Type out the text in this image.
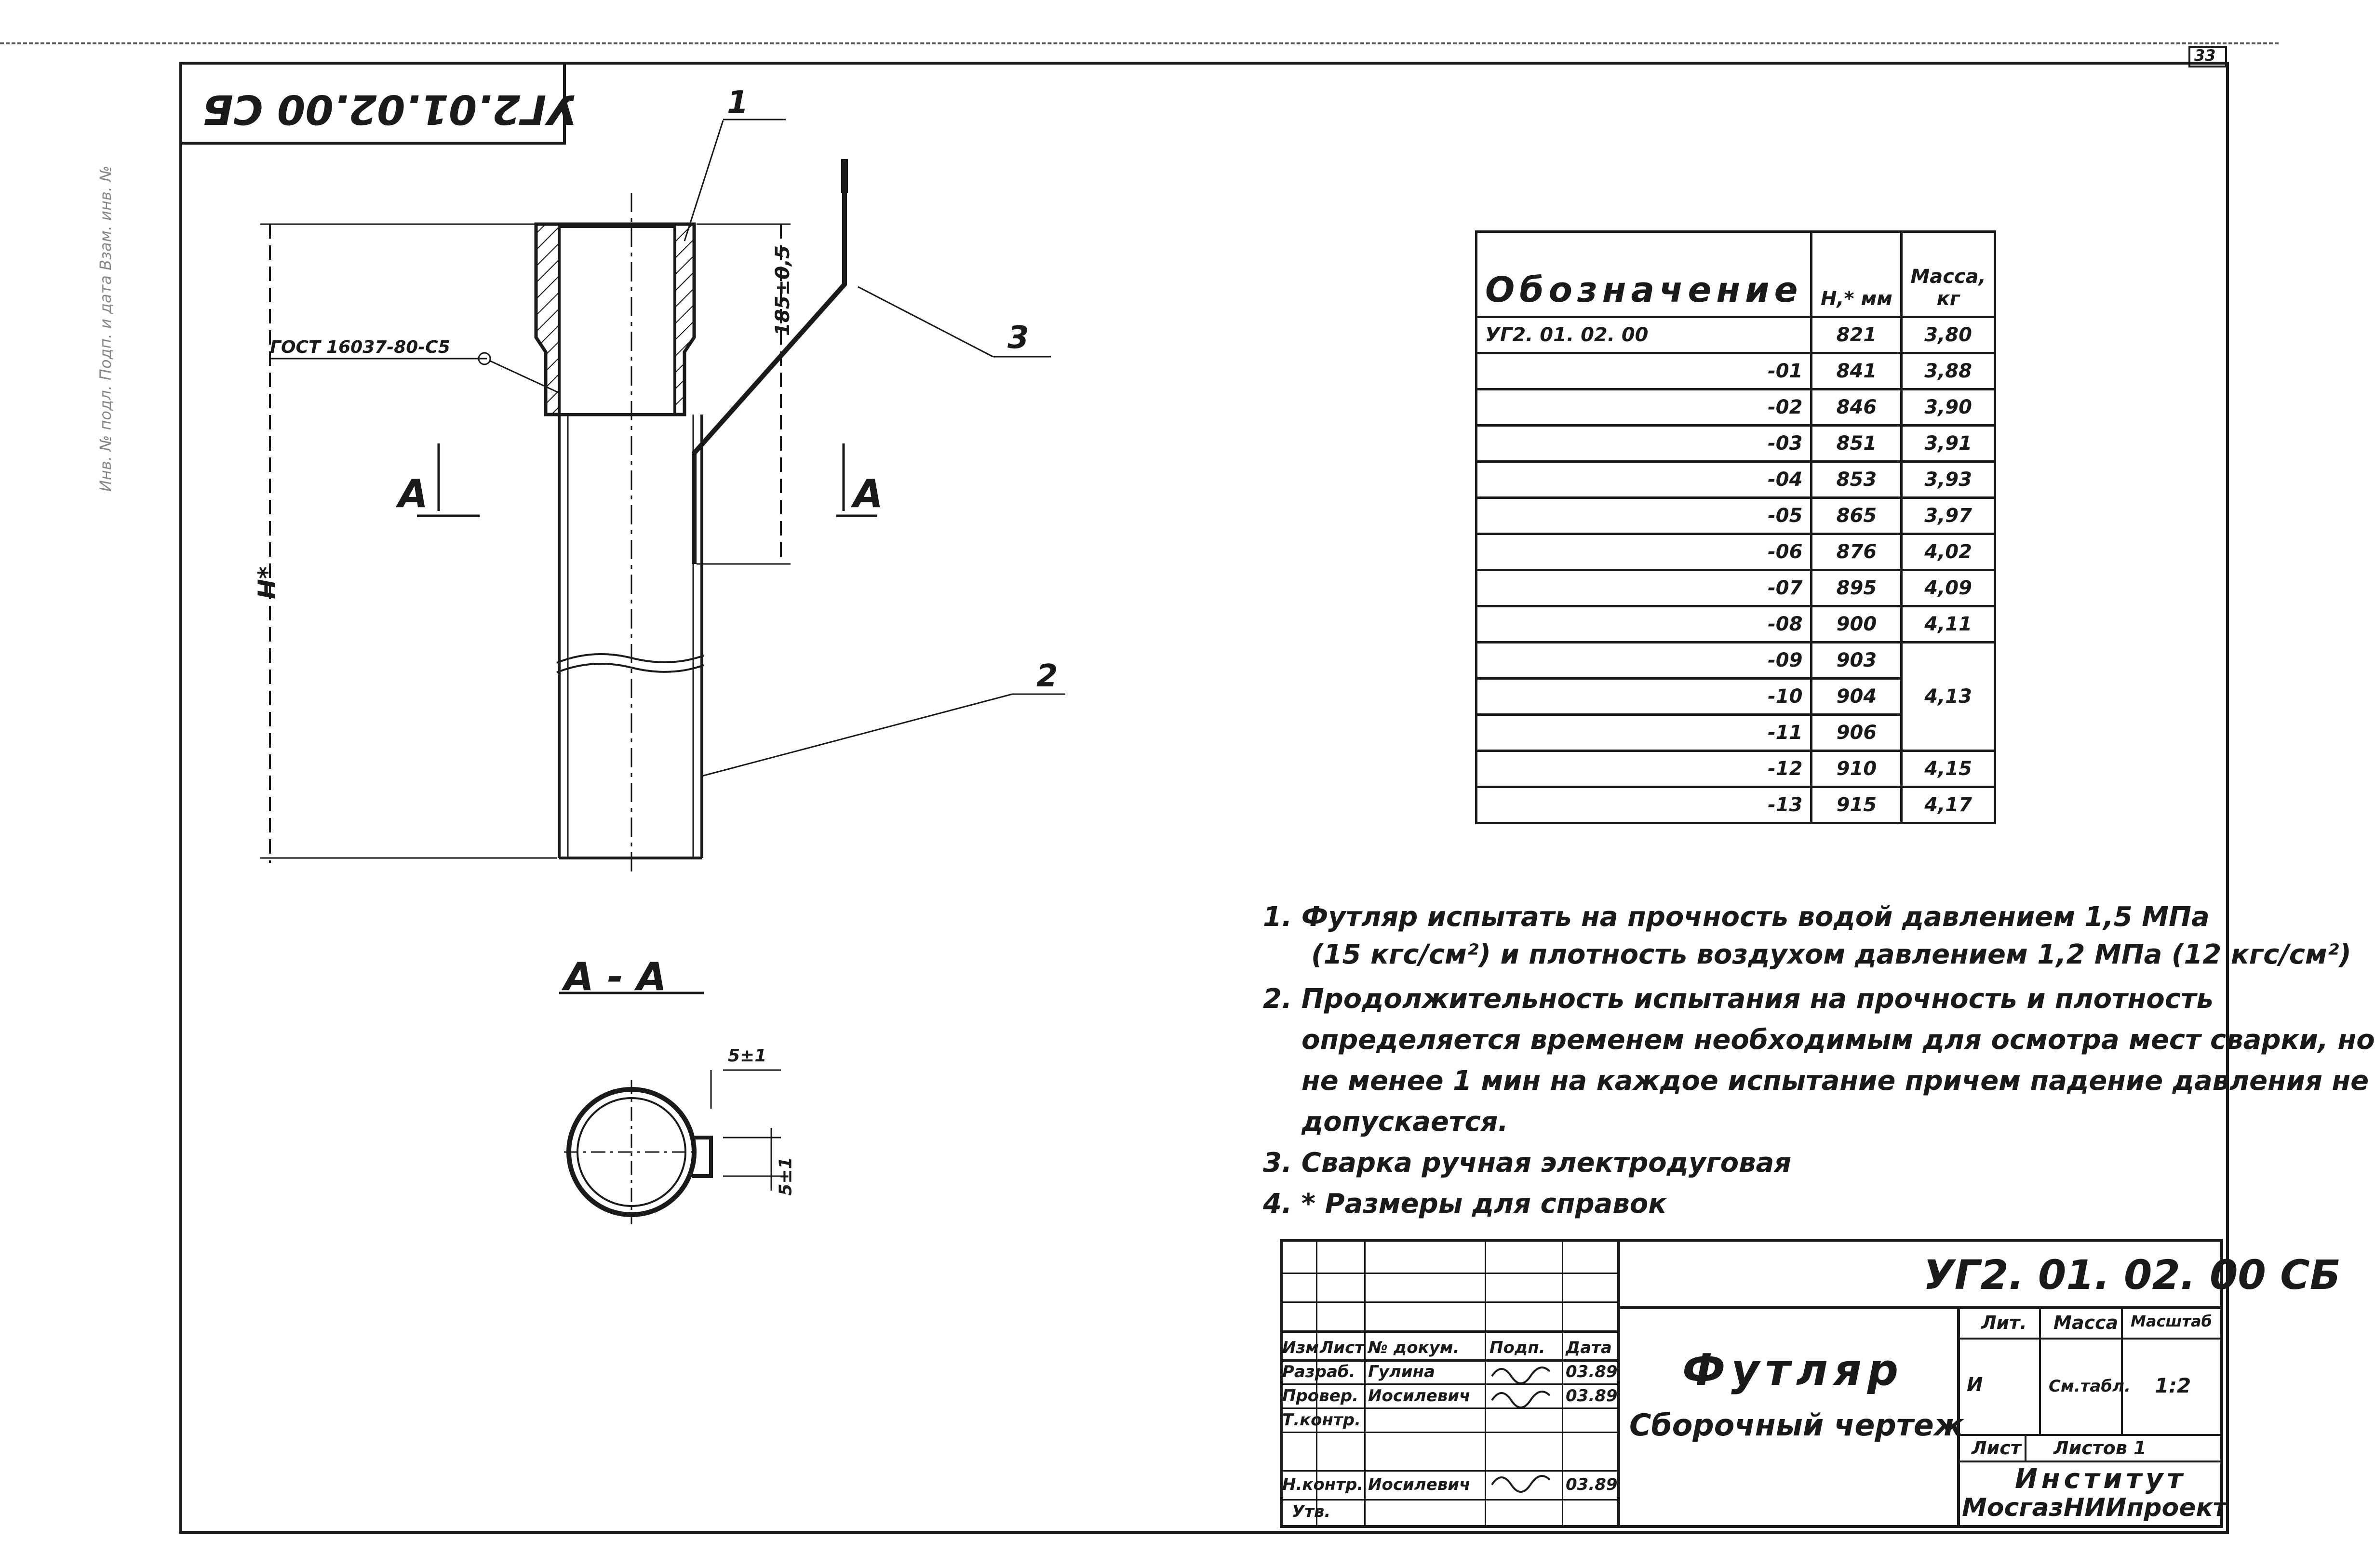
33
УГ2.01.02.00 СБ
Инв. № подл. Подп. и дата Взам. инв. №
1
3
2
H*
185±0,5
ГОСТ 16037-80-С5
А	А
А - А
5±1
5±1
Обозначение	H,* мм	Масса, кг
УГ2. 01. 02. 00	821	3,80
-01	841	3,88
-02	846	3,90
-03	851	3,91
-04	853	3,93
-05	865	3,97
-06	876	4,02
-07	895	4,09
-08	900	4,11
-09	903	4,13
-10	904	
-11	906	
-12	910	4,15
-13	915	4,17
1. Футляр испытать на прочность водой давлением 1,5 МПа
(15 кгс/см²) и плотность воздухом давлением 1,2 МПа (12 кгс/см²)
2. Продолжительность испытания на прочность и плотность
определяется временем необходимым для осмотра мест сварки, но
не менее 1 мин на каждое испытание причем падение давления не
допускается.
3. Сварка ручная электродуговая
4. * Размеры для справок
УГ2. 01. 02. 00 СБ
Футляр
Сборочный чертеж
Изм Лист № докум. Подп. Дата
Разраб. Гулина	03.89
Провер. Иосилевич	03.89
Т.контр.
Н.контр. Иосилевич	03.89
Утв.
Лит. Масса Масштаб
И	См.табл. 1:2
Лист Листов 1
Институт
МосгазНИИпроект
